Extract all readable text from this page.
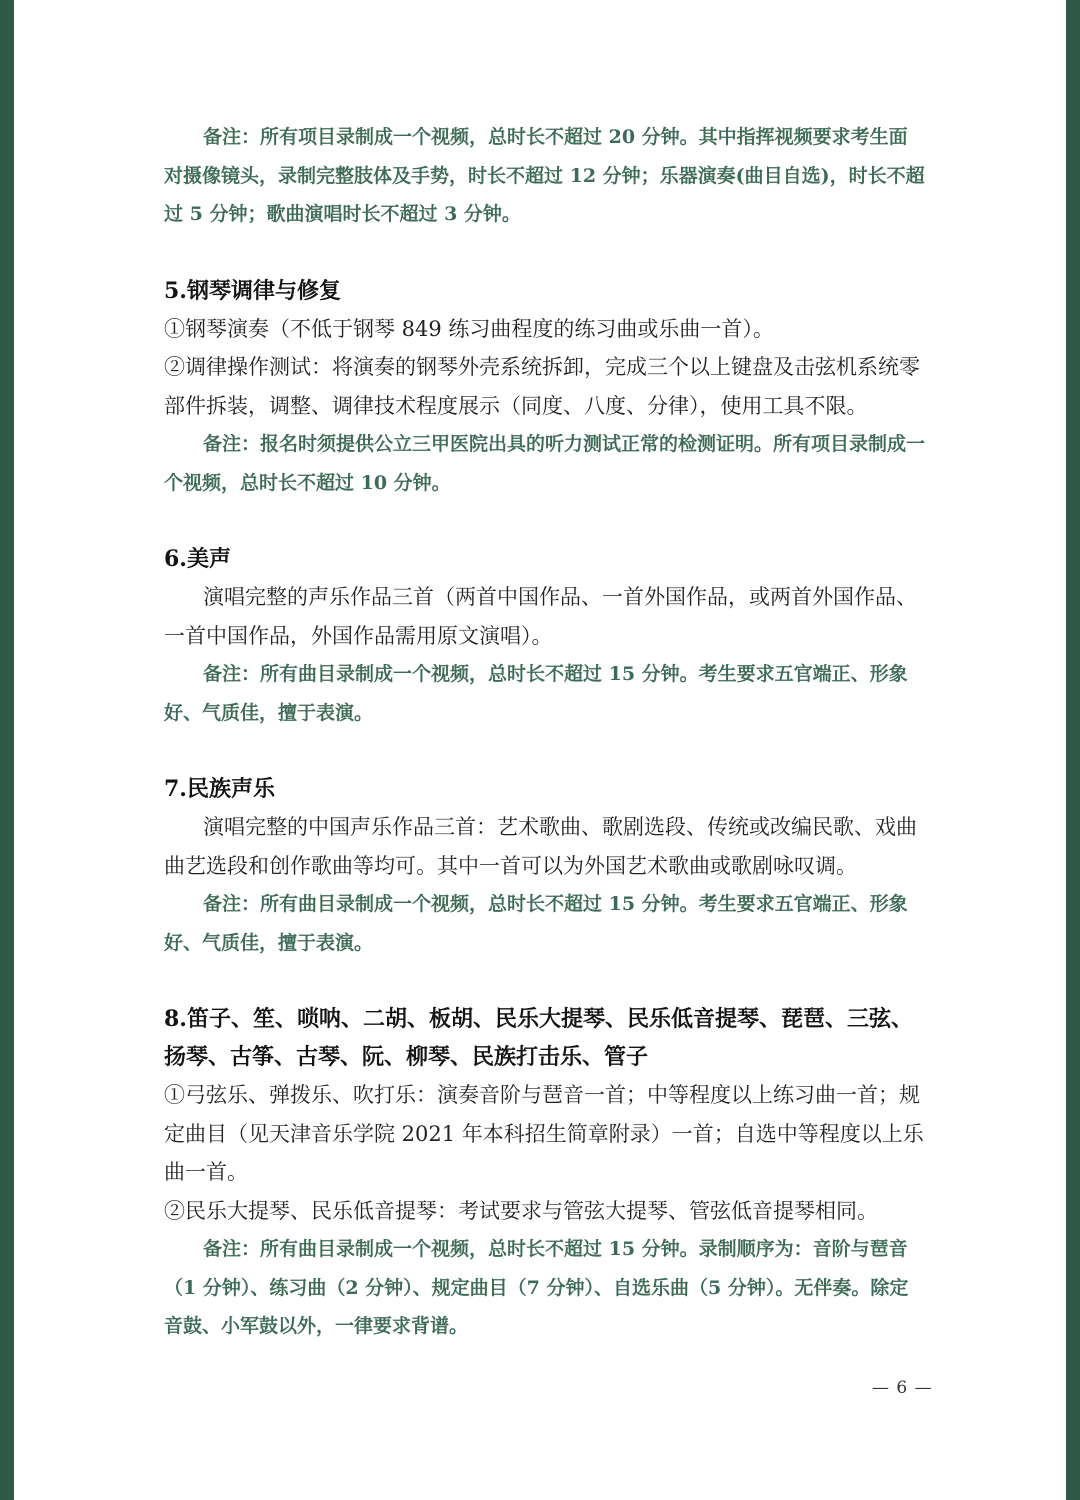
备注：所有项目录制成一个视频，总时长不超过 20 分钟。其中指挥视频要求考生面对摄像镜头，录制完整肢体及手势，时长不超过 12 分钟；乐器演奏(曲目自选)，时长不超过 5 分钟；歌曲演唱时长不超过 3 分钟。

5.钢琴调律与修复

①钢琴演奏（不低于钢琴 849 练习曲程度的练习曲或乐曲一首）。

②调律操作测试：将演奏的钢琴外壳系统拆卸，完成三个以上键盘及击弦机系统零部件拆装，调整、调律技术程度展示（同度、八度、分律），使用工具不限。

备注：报名时须提供公立三甲医院出具的听力测试正常的检测证明。所有项目录制成一个视频，总时长不超过 10 分钟。

6.美声

演唱完整的声乐作品三首（两首中国作品、一首外国作品，或两首外国作品、一首中国作品，外国作品需用原文演唱）。

备注：所有曲目录制成一个视频，总时长不超过 15 分钟。考生要求五官端正、形象好、气质佳，擅于表演。

7.民族声乐

演唱完整的中国声乐作品三首：艺术歌曲、歌剧选段、传统或改编民歌、戏曲曲艺选段和创作歌曲等均可。其中一首可以为外国艺术歌曲或歌剧咏叹调。

备注：所有曲目录制成一个视频，总时长不超过 15 分钟。考生要求五官端正、形象好、气质佳，擅于表演。

8.笛子、笙、唢呐、二胡、板胡、民乐大提琴、民乐低音提琴、琵琶、三弦、扬琴、古筝、古琴、阮、柳琴、民族打击乐、管子

①弓弦乐、弹拨乐、吹打乐：演奏音阶与琶音一首；中等程度以上练习曲一首；规定曲目（见天津音乐学院 2021 年本科招生简章附录）一首；自选中等程度以上乐曲一首。

②民乐大提琴、民乐低音提琴：考试要求与管弦大提琴、管弦低音提琴相同。

备注：所有曲目录制成一个视频，总时长不超过 15 分钟。录制顺序为：音阶与琶音（1 分钟）、练习曲（2 分钟）、规定曲目（7 分钟）、自选乐曲（5 分钟）。无伴奏。除定音鼓、小军鼓以外，一律要求背谱。

— 6 —
